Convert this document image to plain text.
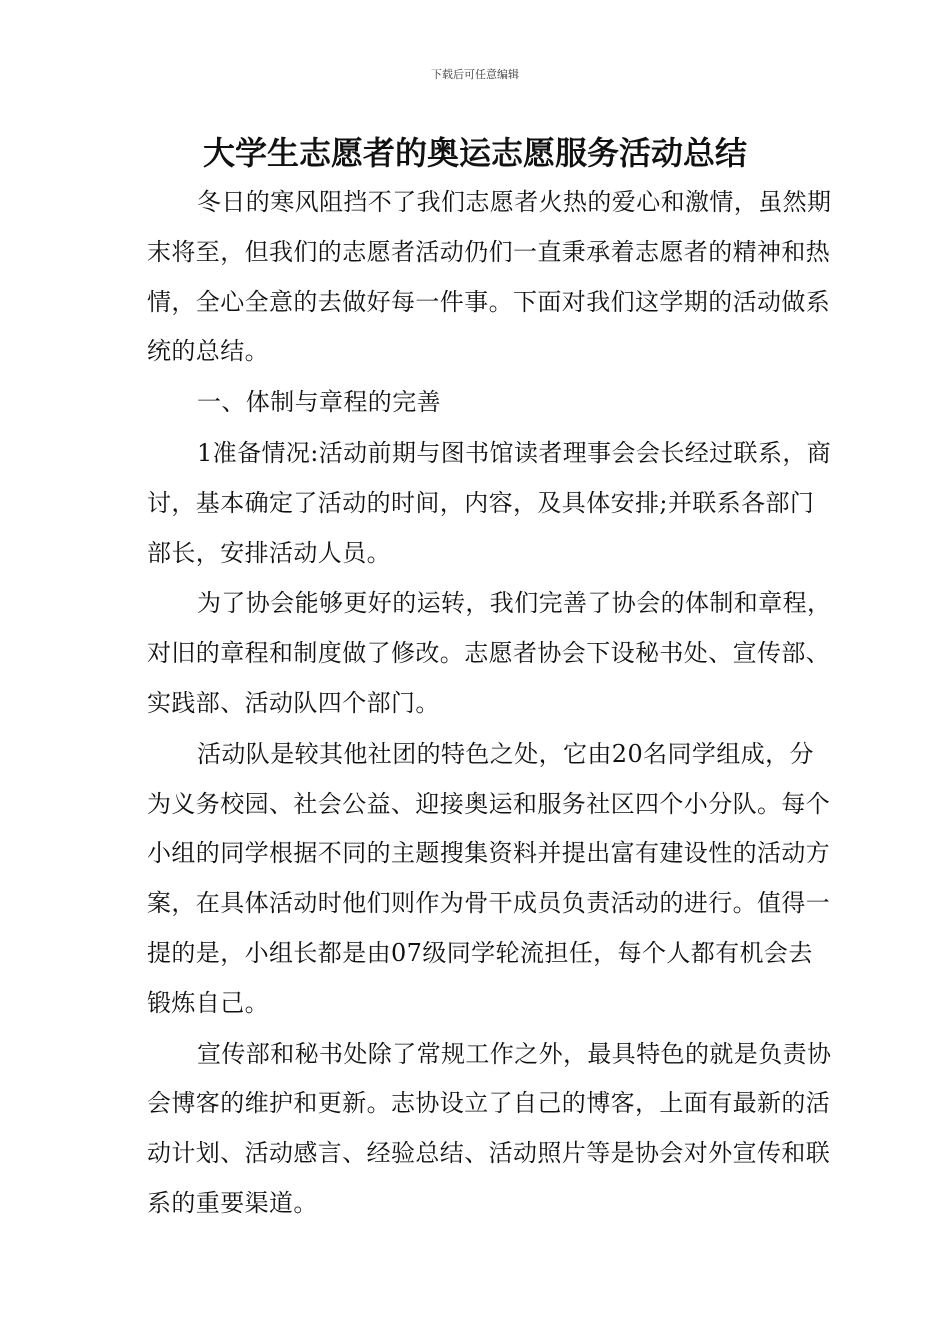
下载后可任意编辑
大学生志愿者的奥运志愿服务活动总结

冬日的寒风阻挡不了我们志愿者火热的爱心和激情，虽然期末将至，但我们的志愿者活动仍们一直秉承着志愿者的精神和热情，全心全意的去做好每一件事。下面对我们这学期的活动做系统的总结。

一、体制与章程的完善

1准备情况:活动前期与图书馆读者理事会会长经过联系，商讨，基本确定了活动的时间，内容，及具体安排;并联系各部门部长，安排活动人员。

为了协会能够更好的运转，我们完善了协会的体制和章程，对旧的章程和制度做了修改。志愿者协会下设秘书处、宣传部、实践部、活动队四个部门。

活动队是较其他社团的特色之处，它由20名同学组成，分为义务校园、社会公益、迎接奥运和服务社区四个小分队。每个小组的同学根据不同的主题搜集资料并提出富有建设性的活动方案，在具体活动时他们则作为骨干成员负责活动的进行。值得一提的是，小组长都是由07级同学轮流担任，每个人都有机会去锻炼自己。

宣传部和秘书处除了常规工作之外，最具特色的就是负责协会博客的维护和更新。志协设立了自己的博客，上面有最新的活动计划、活动感言、经验总结、活动照片等是协会对外宣传和联系的重要渠道。
